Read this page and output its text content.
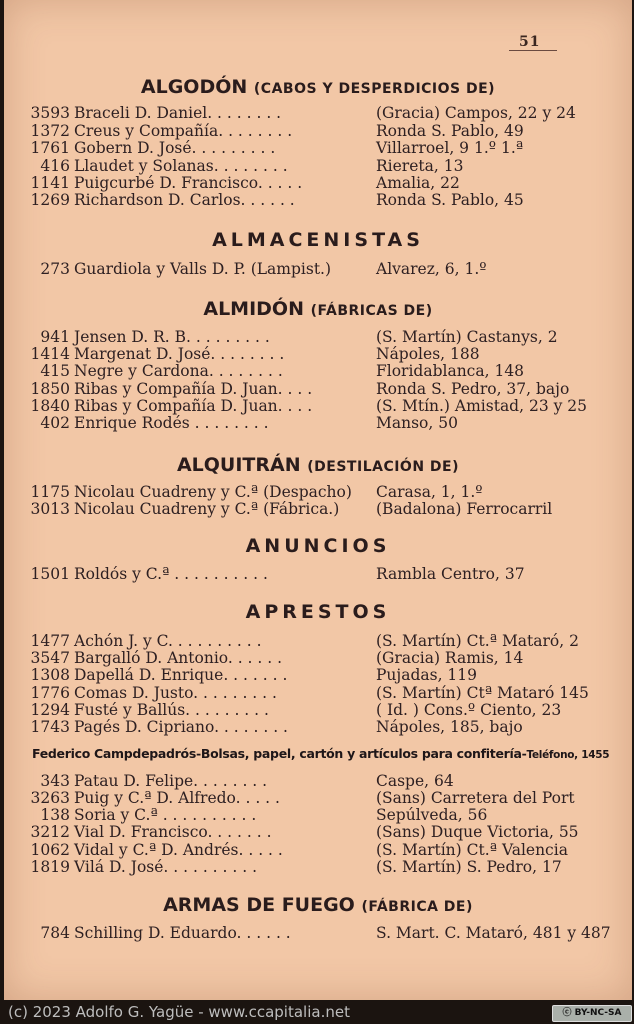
51
ALGODÓN (CABOS Y DESPERDICIOS DE)
3593 Braceli D. Daniel. . . . . . . .	(Gracia) Campos, 22 y 24
1372 Creus y Compañía. . . . . . . .	Ronda S. Pablo, 49
1761 Gobern D. José. . . . . . . . .	Villarroel, 9 1.º 1.ª
416 Llaudet y Solanas. . . . . . . .	Riereta, 13
1141 Puigcurbé D. Francisco. . . . .	Amalia, 22
1269 Richardson D. Carlos. . . . . .	Ronda S. Pablo, 45
ALMACENISTAS
273 Guardiola y Valls D. P. (Lampist.)	Alvarez, 6, 1.º
ALMIDÓN (FÁBRICAS DE)
941 Jensen D. R. B. . . . . . . . .	(S. Martín) Castanys, 2
1414 Margenat D. José. . . . . . . .	Nápoles, 188
415 Negre y Cardona. . . . . . . .	Floridablanca, 148
1850 Ribas y Compañía D. Juan. . . .	Ronda S. Pedro, 37, bajo
1840 Ribas y Compañía D. Juan. . . .	(S. Mtín.) Amistad, 23 y 25
402 Enrique Rodés . . . . . . . .	Manso, 50
ALQUITRÁN (DESTILACIÓN DE)
1175 Nicolau Cuadreny y C.ª (Despacho) Carasa, 1, 1.º
3013 Nicolau Cuadreny y C.ª (Fábrica.) (Badalona) Ferrocarril
ANUNCIOS
1501 Roldós y C.ª . . . . . . . . . .	Rambla Centro, 37
APRESTOS
1477 Achón J. y C. . . . . . . . . .	(S. Martín) Ct.ª Mataró, 2
3547 Bargalló D. Antonio. . . . . .	(Gracia) Ramis, 14
1308 Dapellá D. Enrique. . . . . . .	Pujadas, 119
1776 Comas D. Justo. . . . . . . . .	(S. Martín) Ctª Mataró 145
1294 Fusté y Ballús. . . . . . . . .	( Id. ) Cons.º Ciento, 23
1743 Pagés D. Cipriano. . . . . . . .	Nápoles, 185, bajo
Federico Campdepadrós-Bolsas, papel, cartón y artículos para confitería-Teléfono, 1455
343 Patau D. Felipe. . . . . . . .	Caspe, 64
3263 Puig y C.ª D. Alfredo. . . . .	(Sans) Carretera del Port
138 Soria y C.ª . . . . . . . . . .	Sepúlveda, 56
3212 Vial D. Francisco. . . . . . .	(Sans) Duque Victoria, 55
1062 Vidal y C.ª D. Andrés. . . . .	(S. Martín) Ct.ª Valencia
1819 Vilá D. José. . . . . . . . . .	(S. Martín) S. Pedro, 17
ARMAS DE FUEGO (FÁBRICA DE)
784 Schilling D. Eduardo. . . . . .	S. Mart. C. Mataró, 481 y 487
(c) 2023 Adolfo G. Yagüe - www.ccapitalia.net	ⓒ BY-NC-SA
